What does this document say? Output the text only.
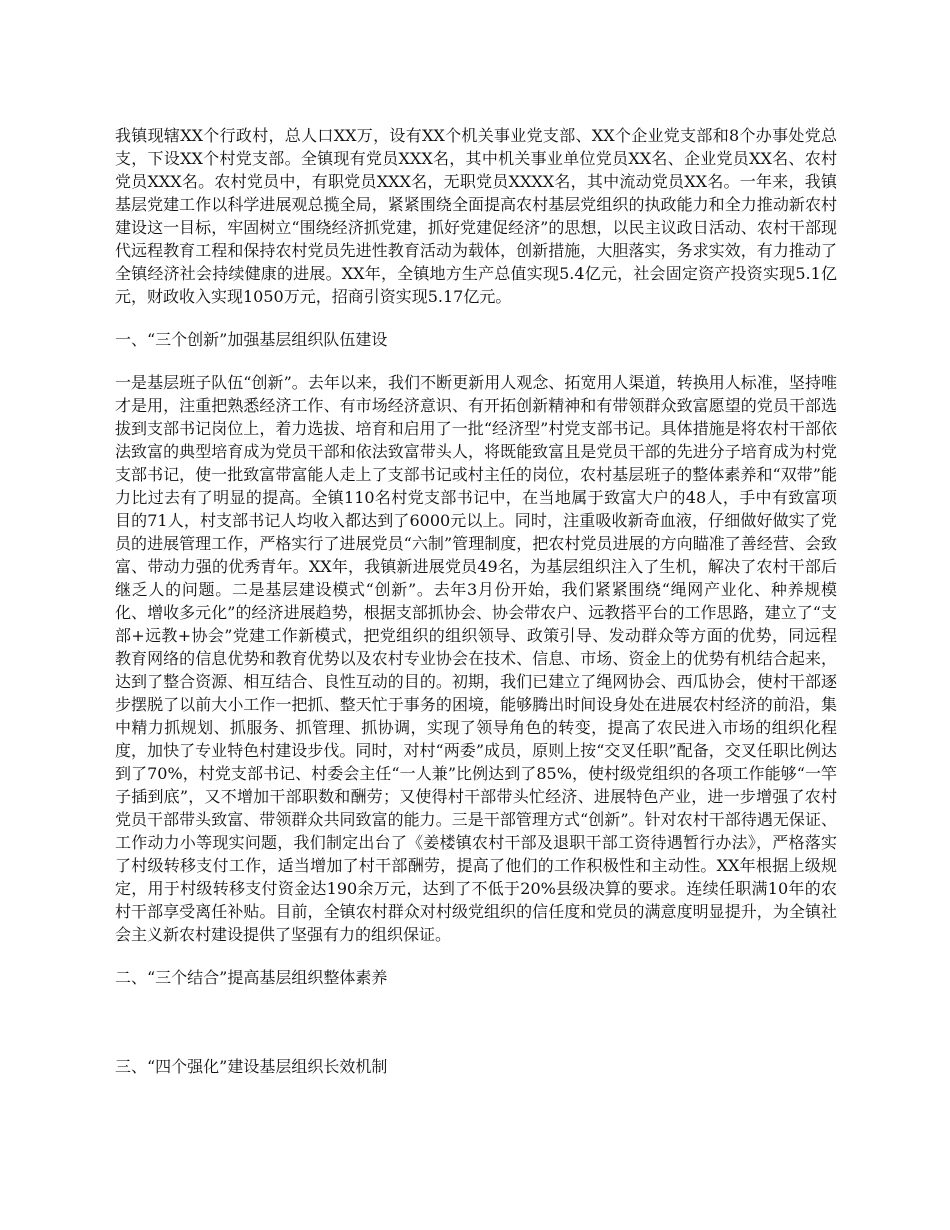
我镇现辖XX个行政村，总人口XX万，设有XX个机关事业党支部、XX个企业党支部和8个办事处党总支，下设XX个村党支部。全镇现有党员XXX名，其中机关事业单位党员XX名、企业党员XX名、农村党员XXX名。农村党员中，有职党员XXX名，无职党员XXXX名，其中流动党员XX名。一年来，我镇基层党建工作以科学进展观总揽全局，紧紧围绕全面提高农村基层党组织的执政能力和全力推动新农村建设这一目标，牢固树立“围绕经济抓党建，抓好党建促经济”的思想，以民主议政日活动、农村干部现代远程教育工程和保持农村党员先进性教育活动为载体，创新措施，大胆落实，务求实效，有力推动了全镇经济社会持续健康的进展。XX年，全镇地方生产总值实现5.4亿元，社会固定资产投资实现5.1亿元，财政收入实现1050万元，招商引资实现5.17亿元。

一、“三个创新”加强基层组织队伍建设

一是基层班子队伍“创新”。去年以来，我们不断更新用人观念、拓宽用人渠道，转换用人标准，坚持唯才是用，注重把熟悉经济工作、有市场经济意识、有开拓创新精神和有带领群众致富愿望的党员干部选拔到支部书记岗位上，着力选拔、培育和启用了一批“经济型”村党支部书记。具体措施是将农村干部依法致富的典型培育成为党员干部和依法致富带头人，将既能致富且是党员干部的先进分子培育成为村党支部书记，使一批致富带富能人走上了支部书记或村主任的岗位，农村基层班子的整体素养和“双带”能力比过去有了明显的提高。全镇110名村党支部书记中，在当地属于致富大户的48人，手中有致富项目的71人，村支部书记人均收入都达到了6000元以上。同时，注重吸收新奇血液，仔细做好做实了党员的进展管理工作，严格实行了进展党员“六制”管理制度，把农村党员进展的方向瞄准了善经营、会致富、带动力强的优秀青年。XX年，我镇新进展党员49名，为基层组织注入了生机，解决了农村干部后继乏人的问题。二是基层建设模式“创新”。去年3月份开始，我们紧紧围绕“绳网产业化、种养规模化、增收多元化”的经济进展趋势，根据支部抓协会、协会带农户、远教搭平台的工作思路，建立了“支部+远教+协会”党建工作新模式，把党组织的组织领导、政策引导、发动群众等方面的优势，同远程教育网络的信息优势和教育优势以及农村专业协会在技术、信息、市场、资金上的优势有机结合起来，达到了整合资源、相互结合、良性互动的目的。初期，我们已建立了绳网协会、西瓜协会，使村干部逐步摆脱了以前大小工作一把抓、整天忙于事务的困境，能够腾出时间设身处在进展农村经济的前沿，集中精力抓规划、抓服务、抓管理、抓协调，实现了领导角色的转变，提高了农民进入市场的组织化程度，加快了专业特色村建设步伐。同时，对村“两委”成员，原则上按“交叉任职”配备，交叉任职比例达到了70%，村党支部书记、村委会主任“一人兼”比例达到了85%，使村级党组织的各项工作能够“一竿子插到底”，又不增加干部职数和酬劳；又使得村干部带头忙经济、进展特色产业，进一步增强了农村党员干部带头致富、带领群众共同致富的能力。三是干部管理方式“创新”。针对农村干部待遇无保证、工作动力小等现实问题，我们制定出台了《姜楼镇农村干部及退职干部工资待遇暂行办法》，严格落实了村级转移支付工作，适当增加了村干部酬劳，提高了他们的工作积极性和主动性。XX年根据上级规定，用于村级转移支付资金达190余万元，达到了不低于20%县级决算的要求。连续任职满10年的农村干部享受离任补贴。目前，全镇农村群众对村级党组织的信任度和党员的满意度明显提升，为全镇社会主义新农村建设提供了坚强有力的组织保证。

二、“三个结合”提高基层组织整体素养

三、“四个强化”建设基层组织长效机制
